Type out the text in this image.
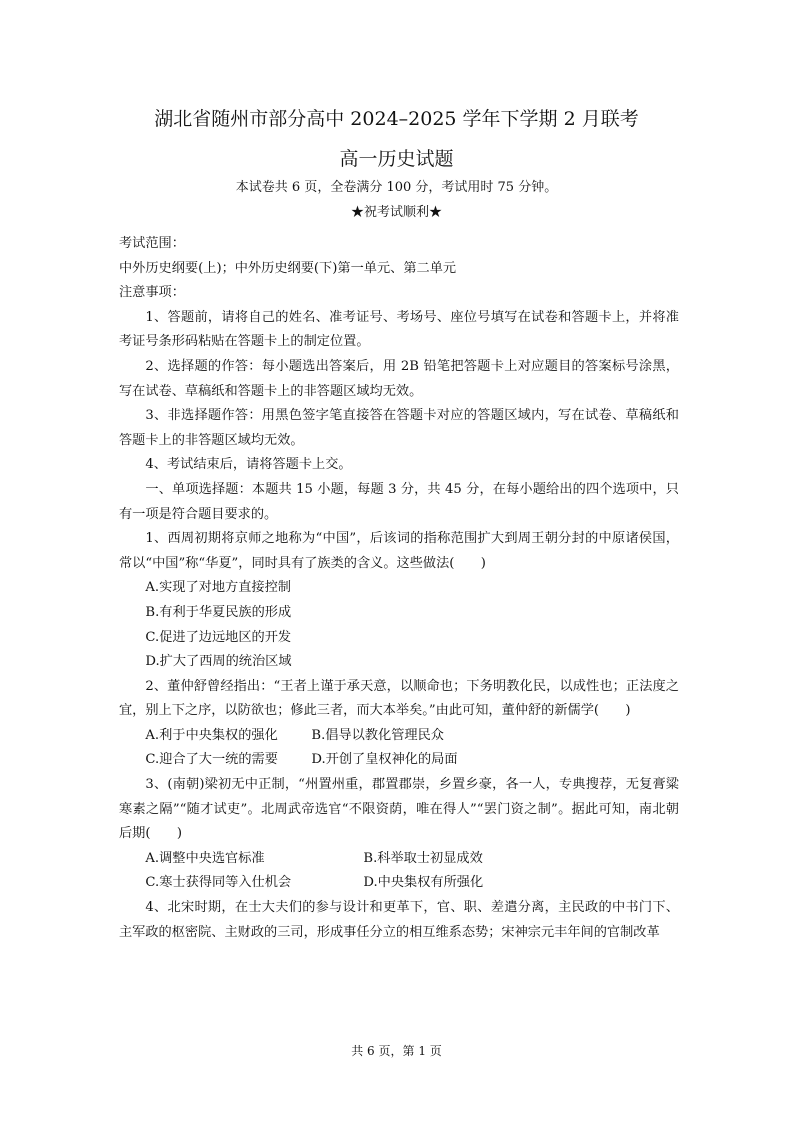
湖北省随州市部分高中 2024–2025 学年下学期 2 月联考
高一历史试题
本试卷共 6 页，全卷满分 100 分，考试用时 75 分钟。
★祝考试顺利★

考试范围：

中外历史纲要(上)；中外历史纲要(下)第一单元、第二单元

注意事项：

1、答题前，请将自己的姓名、准考证号、考场号、座位号填写在试卷和答题卡上，并将准考证号条形码粘贴在答题卡上的制定位置。

2、选择题的作答：每小题选出答案后，用 2B 铅笔把答题卡上对应题目的答案标号涂黑，写在试卷、草稿纸和答题卡上的非答题区域均无效。

3、非选择题作答：用黑色签字笔直接答在答题卡对应的答题区域内，写在试卷、草稿纸和答题卡上的非答题区域均无效。

4、考试结束后，请将答题卡上交。

一、单项选择题：本题共 15 小题，每题 3 分，共 45 分，在每小题给出的四个选项中，只有一项是符合题目要求的。

1、西周初期将京师之地称为“中国”，后该词的指称范围扩大到周王朝分封的中原诸侯国，常以“中国”称“华夏”，同时具有了族类的含义。这些做法(　　)

A.实现了对地方直接控制

B.有利于华夏民族的形成

C.促进了边远地区的开发

D.扩大了西周的统治区域

2、董仲舒曾经指出：“王者上谨于承天意，以顺命也；下务明教化民，以成性也；正法度之宜，别上下之序，以防欲也；修此三者，而大本举矣。”由此可知，董仲舒的新儒学(　　)

A.利于中央集权的强化	B.倡导以教化管理民众
C.迎合了大一统的需要	D.开创了皇权神化的局面

3、(南朝)梁初无中正制，“州置州重，郡置郡崇，乡置乡豪，各一人，专典搜荐，无复膏粱寒素之隔”“随才试吏”。北周武帝选官“不限资荫，唯在得人”“罢门资之制”。据此可知，南北朝后期(　　)

A.调整中央选官标准	B.科举取士初显成效
C.寒士获得同等入仕机会	D.中央集权有所强化

4、北宋时期，在士大夫们的参与设计和更革下，官、职、差遣分离，主民政的中书门下、主军政的枢密院、主财政的三司，形成事任分立的相互维系态势；宋神宗元丰年间的官制改革

共 6 页，第 1 页
